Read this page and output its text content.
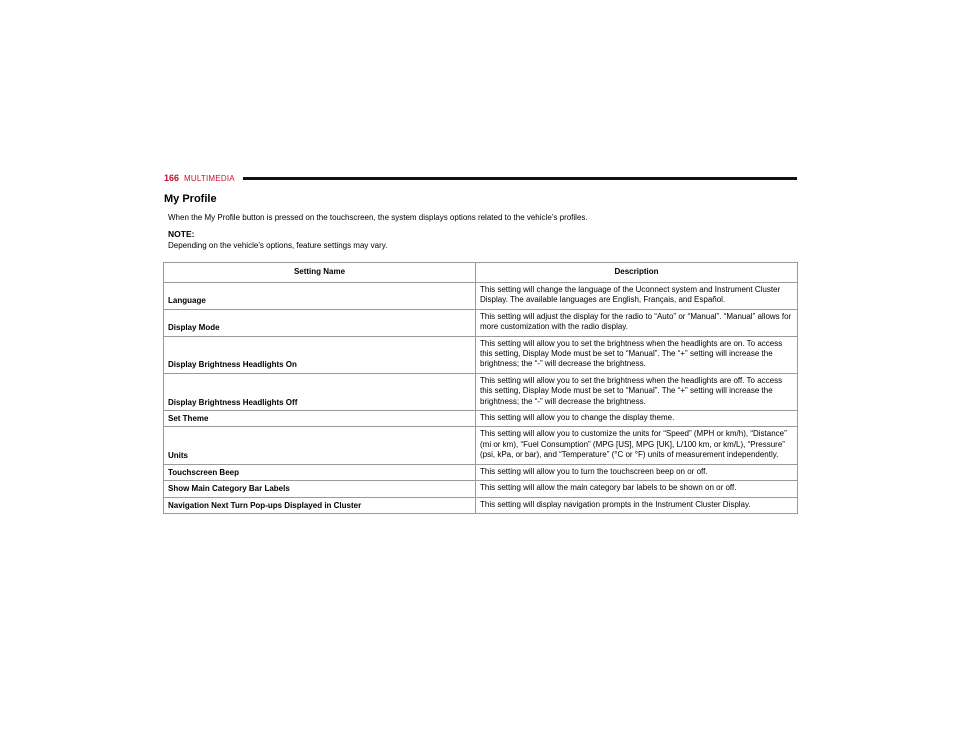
166 MULTIMEDIA
My Profile

When the My Profile button is pressed on the touchscreen, the system displays options related to the vehicle’s profiles.

NOTE:

Depending on the vehicle’s options, feature settings may vary.

Setting Name	Description
Language	This setting will change the language of the Uconnect system and Instrument Cluster Display. The available languages are English, Français, and Español.
Display Mode	This setting will adjust the display for the radio to “Auto” or “Manual”. “Manual” allows for more customization with the radio display.
Display Brightness Headlights On	This setting will allow you to set the brightness when the headlights are on. To access this setting, Display Mode must be set to “Manual”. The “+” setting will increase the brightness; the “-” will decrease the brightness.
Display Brightness Headlights Off	This setting will allow you to set the brightness when the headlights are off. To access this setting, Display Mode must be set to “Manual”. The “+” setting will increase the brightness; the “-” will decrease the brightness.
Set Theme	This setting will allow you to change the display theme.
Units	This setting will allow you to customize the units for “Speed” (MPH or km/h), “Distance” (mi or km), “Fuel Consumption” (MPG [US], MPG [UK], L/100 km, or km/L), “Pressure” (psi, kPa, or bar), and “Temperature” (°C or °F) units of measurement independently.
Touchscreen Beep	This setting will allow you to turn the touchscreen beep on or off.
Show Main Category Bar Labels	This setting will allow the main category bar labels to be shown on or off.
Navigation Next Turn Pop-ups Displayed in Cluster	This setting will display navigation prompts in the Instrument Cluster Display.
